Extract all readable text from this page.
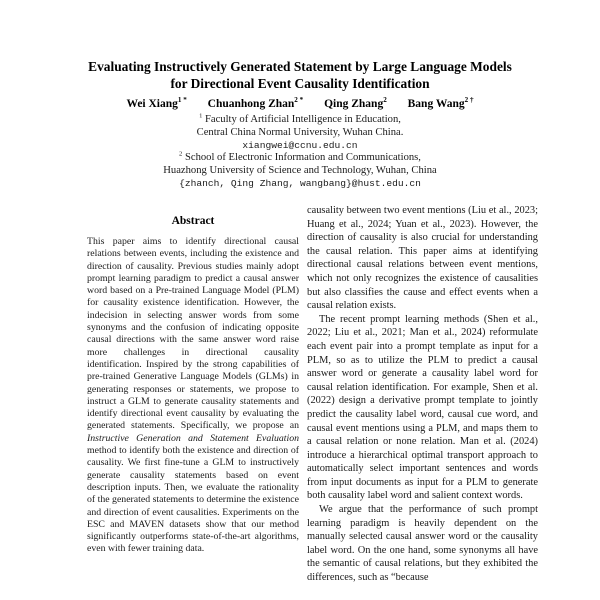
Evaluating Instructively Generated Statement by Large Language Models
for Directional Event Causality Identification
Wei Xiang$^{1 *}$ Chuanhong Zhan$^{2 *}$ Qing Zhang$^2$ Bang Wang$^{2 \dagger}$
$^1$ Faculty of Artificial Intelligence in Education,
Central China Normal University, Wuhan China.
xiangwei@ccnu.edu.cn
$^2$ School of Electronic Information and Communications,
Huazhong University of Science and Technology, Wuhan, China
{zhanch, Qing Zhang, wangbang}@hust.edu.cn
Abstract

This paper aims to identify directional causal relations between events, including the existence and direction of causality. Previous studies mainly adopt prompt learning paradigm to predict a causal answer word based on a Pre-trained Language Model (PLM) for causality existence identification. However, the indecision in selecting answer words from some synonyms and the confusion of indicating opposite causal directions with the same answer word raise more challenges in directional causality identification. Inspired by the strong capabilities of pre-trained Generative Language Models (GLMs) in generating responses or statements, we propose to instruct a GLM to generate causality statements and identify directional event causality by evaluating the generated statements. Specifically, we propose an Instructive Generation and Statement Evaluation method to identify both the existence and direction of causality. We first fine-tune a GLM to instructively generate causality statements based on event description inputs. Then, we evaluate the rationality of the generated statements to determine the existence and direction of event causalities. Experiments on the ESC and MAVEN datasets show that our method significantly outperforms state-of-the-art algorithms, even with fewer training data.

causality between two event mentions (Liu et al., 2023; Huang et al., 2024; Yuan et al., 2023). However, the direction of causality is also crucial for understanding the causal relation. This paper aims at identifying directional causal relations between event mentions, which not only recognizes the existence of causalities but also classifies the cause and effect events when a causal relation exists.

The recent prompt learning methods (Shen et al., 2022; Liu et al., 2021; Man et al., 2024) reformulate each event pair into a prompt template as input for a PLM, so as to utilize the PLM to predict a causal answer word or generate a causality label word for causal relation identification. For example, Shen et al. (2022) design a derivative prompt template to jointly predict the causality label word, causal cue word, and causal event mentions using a PLM, and maps them to a causal relation or none relation. Man et al. (2024) introduce a hierarchical optimal transport approach to automatically select important sentences and words from input documents as input for a PLM to generate both causality label word and salient context words.

We argue that the performance of such prompt learning paradigm is heavily dependent on the manually selected causal answer word or the causality label word. On the one hand, some synonyms all have the semantic of causal relations, but they exhibited the differences, such as “because
